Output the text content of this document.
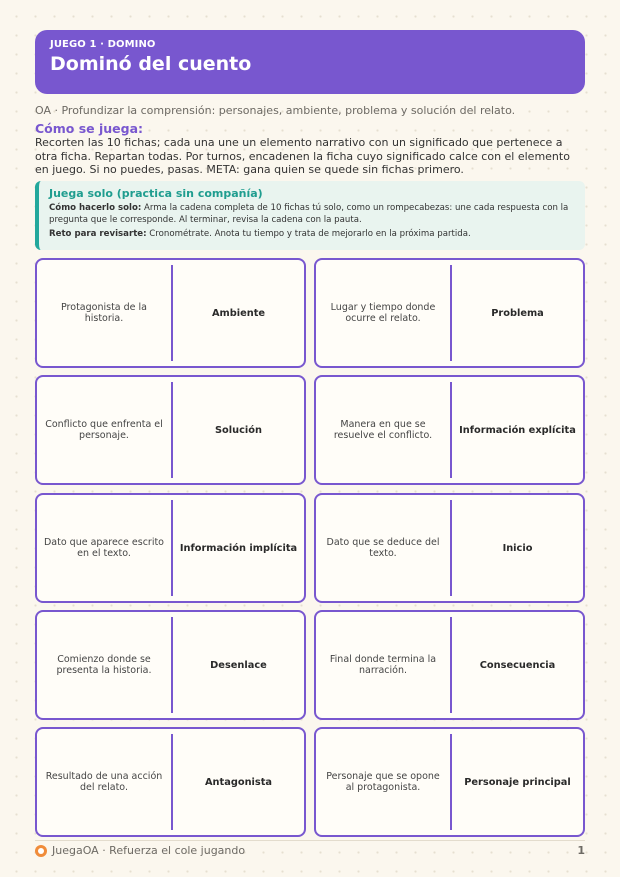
JUEGO 1 · DOMINO
Dominó del cuento
OA · Profundizar la comprensión: personajes, ambiente, problema y solución del relato.
Cómo se juega:
Recorten las 10 fichas; cada una une un elemento narrativo con un significado que pertenece a otra ficha. Repartan todas. Por turnos, encadenen la ficha cuyo significado calce con el elemento en juego. Si no puedes, pasas. META: gana quien se quede sin fichas primero.
Juega solo (practica sin compañía)
Cómo hacerlo solo: Arma la cadena completa de 10 fichas tú solo, como un rompecabezas: une cada respuesta con la pregunta que le corresponde. Al terminar, revisa la cadena con la pauta.
Reto para revisarte: Cronométrate. Anota tu tiempo y trata de mejorarlo en la próxima partida.
Protagonista de la historia.	Ambiente	Lugar y tiempo donde ocurre el relato.	Problema
Conflicto que enfrenta el personaje.	Solución	Manera en que se resuelve el conflicto.	Información explícita
Dato que aparece escrito en el texto.	Información implícita	Dato que se deduce del texto.	Inicio
Comienzo donde se presenta la historia.	Desenlace	Final donde termina la narración.	Consecuencia
Resultado de una acción del relato.	Antagonista	Personaje que se opone al protagonista.	Personaje principal
JuegaOA · Refuerza el cole jugando	1
